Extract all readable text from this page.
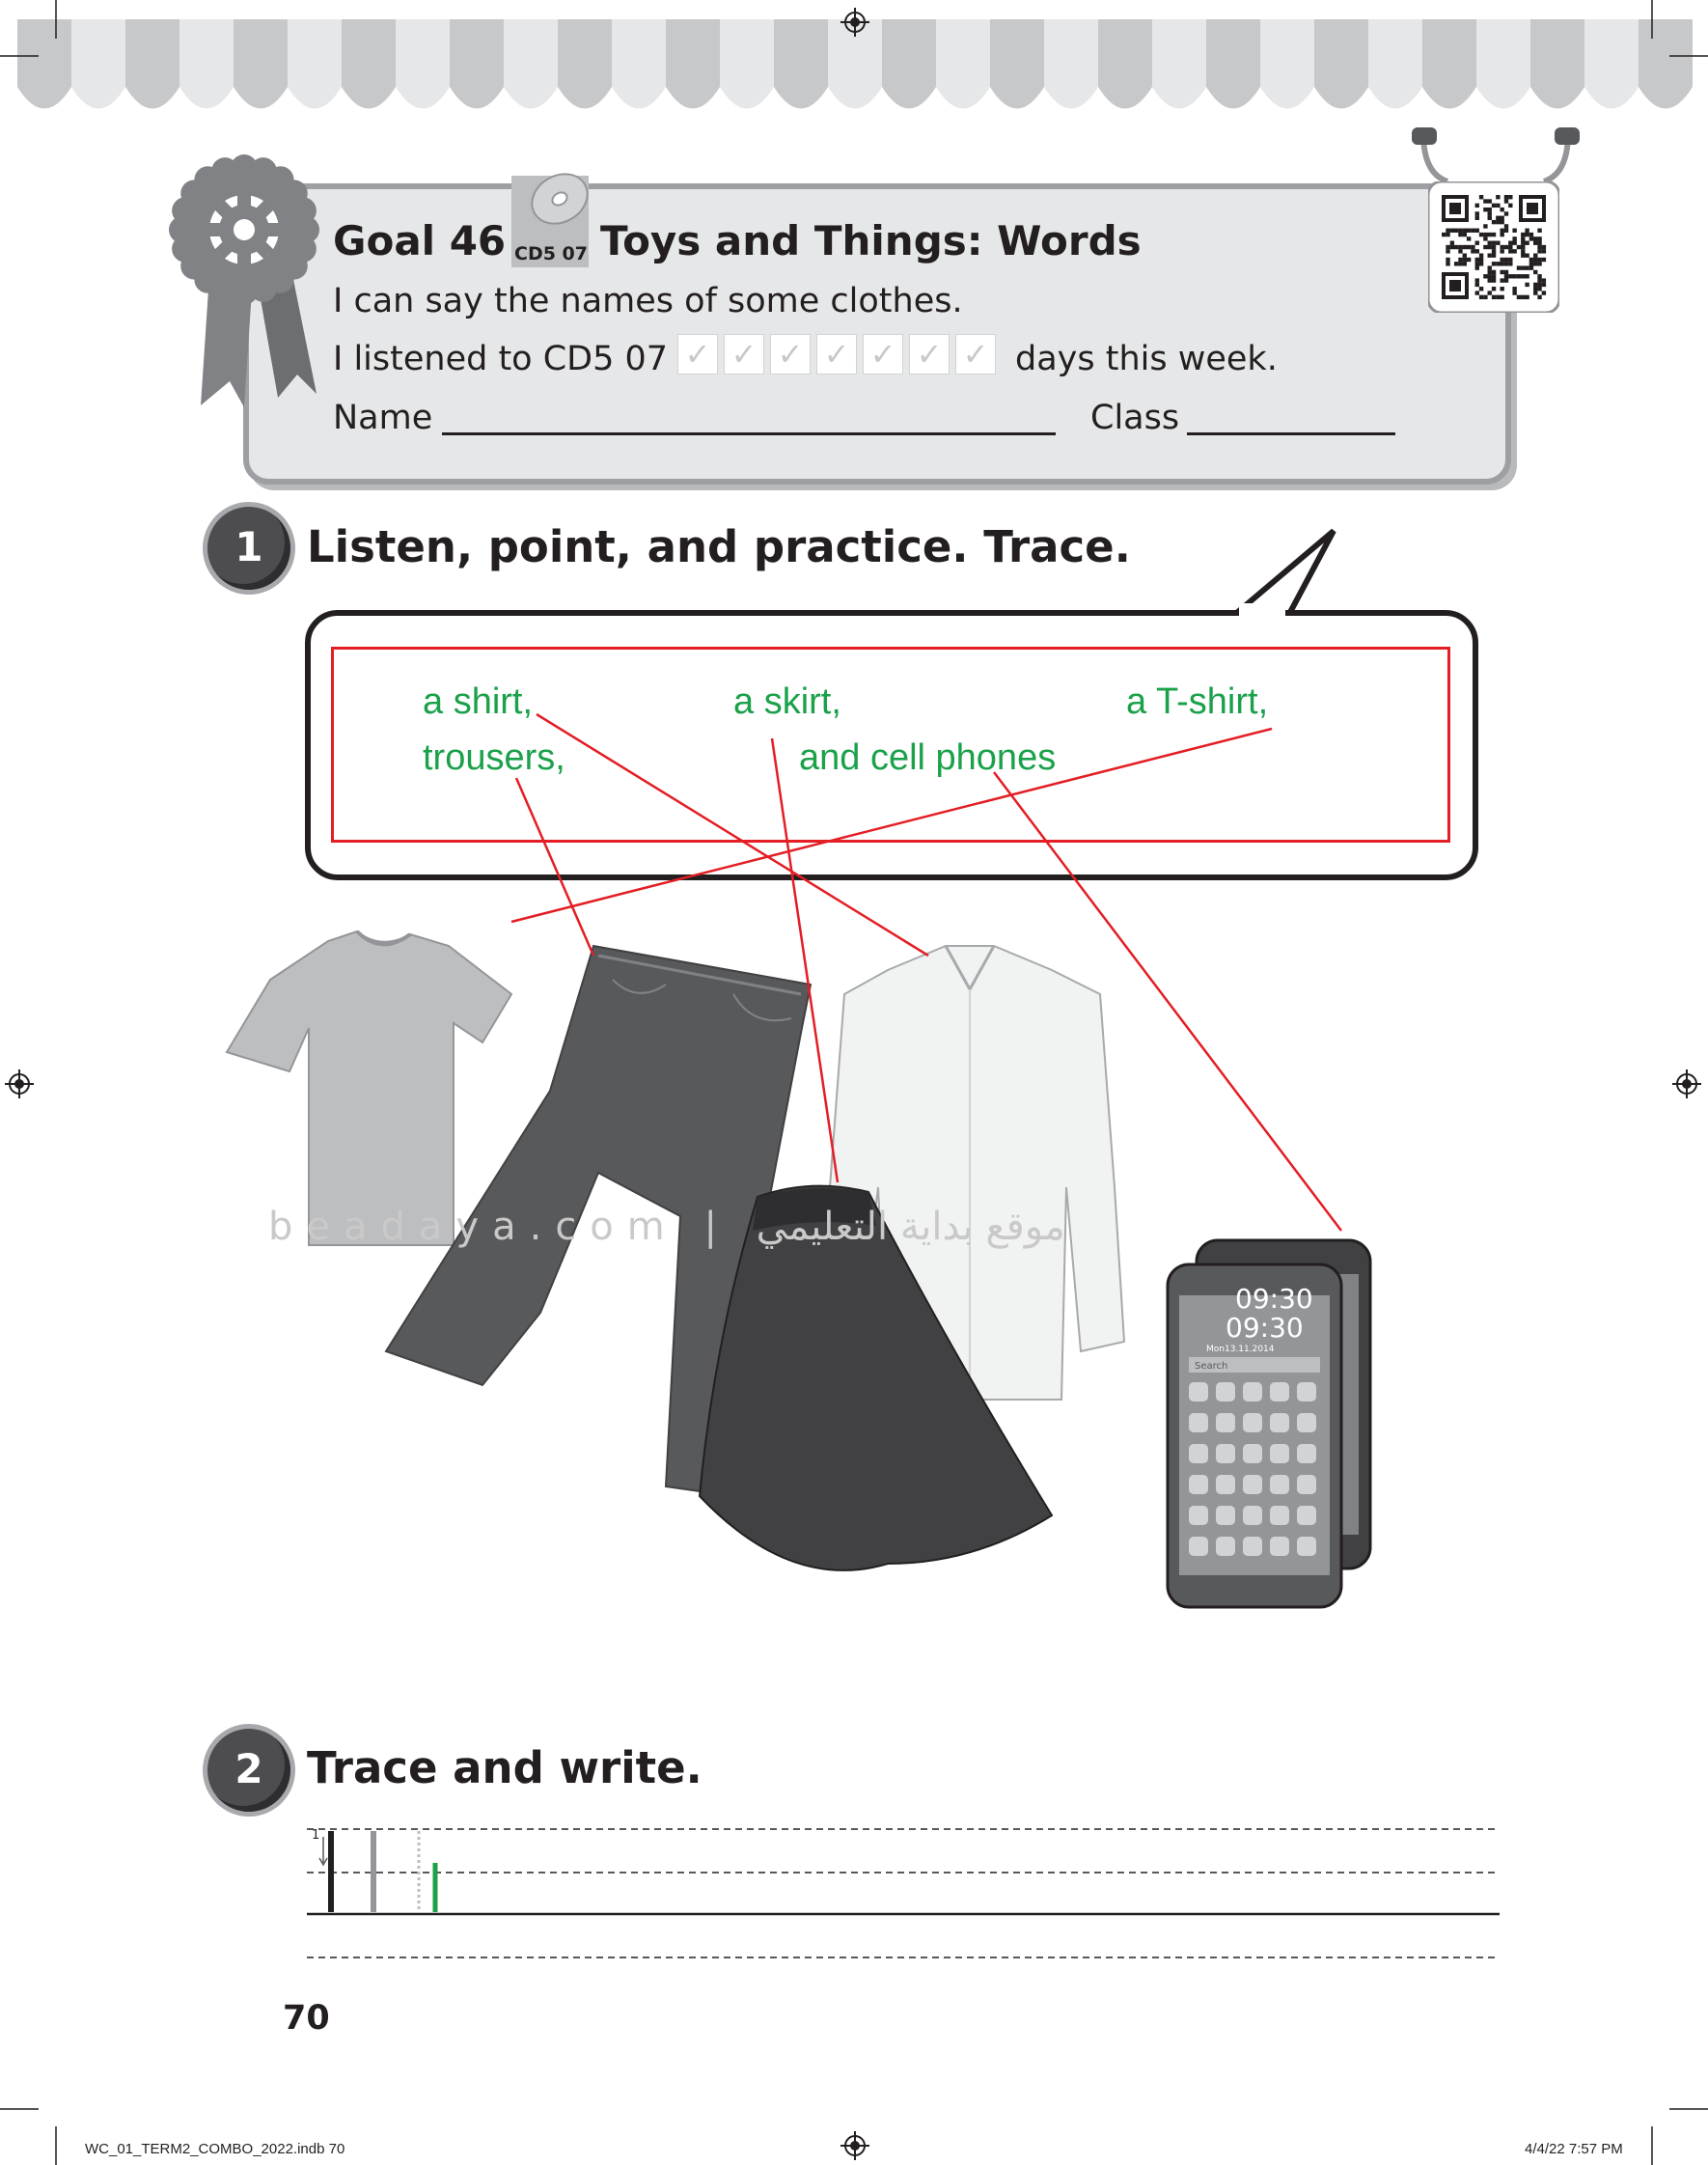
CD5 07
Goal 46 Toys and Things: Words
I can say the names of some clothes.
I listened to CD5 07 ✓ ✓ ✓ ✓ ✓ ✓ ✓ days this week.
Name	Class
1	Listen, point, and practice. Trace.
a shirt,	a skirt,	a T-shirt,
trousers,	and cell phones
09:30
09:30
Mon13.11.2014
Search
beadaya.com | موقع بداية التعليمي
2	Trace and write.
1
70
WC_01_TERM2_COMBO_2022.indb 70	4/4/22 7:57 PM
